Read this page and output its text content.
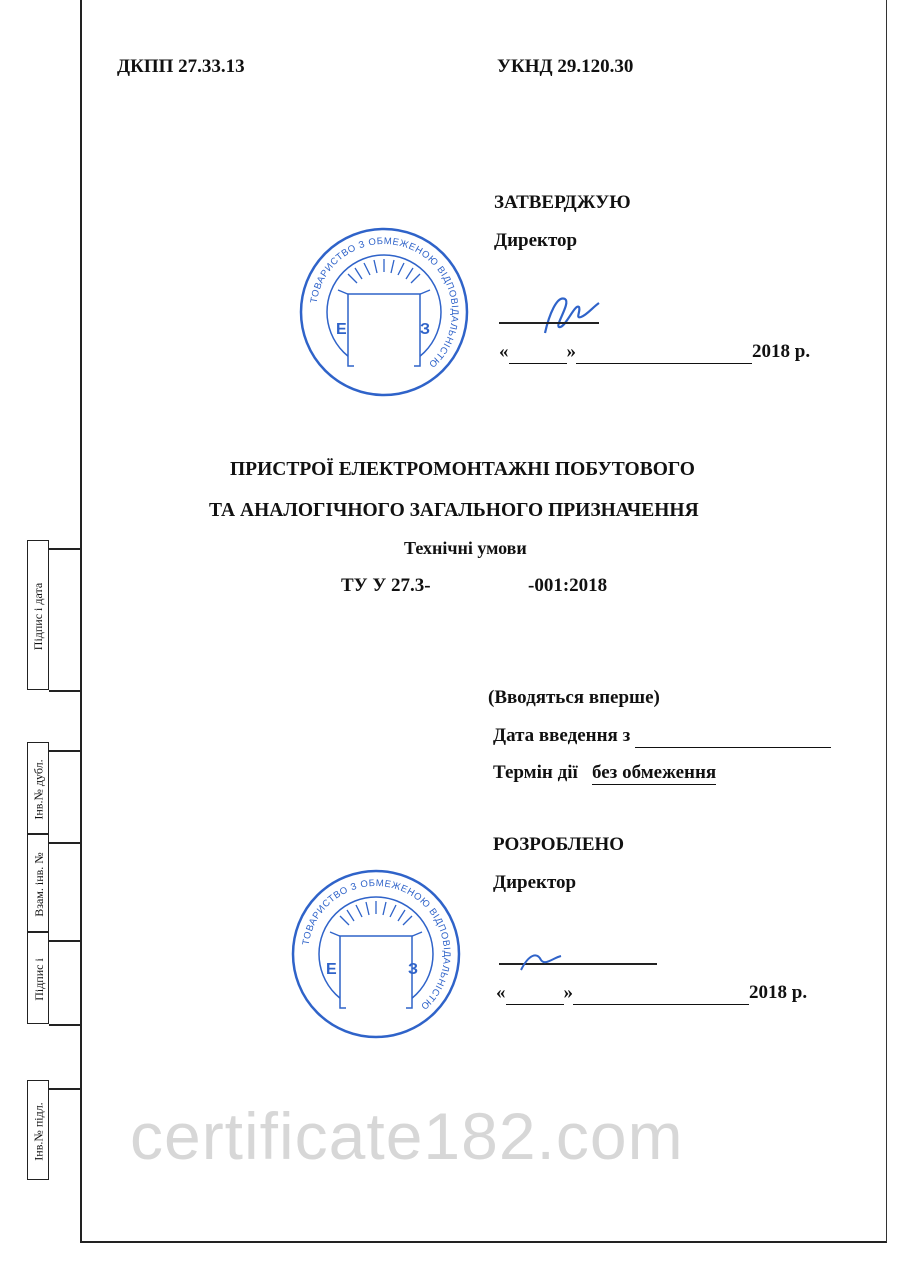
Підпис і дата
Інв.№ дубл.
Взам. інв. №
Підпис і
Інв.№ підл.
ДКПП 27.33.13	УКНД 29.120.30
ЗАТВЕРДЖУЮ
Директор
«	»	2018 р.
ТОВАРИСТВО З ОБМЕЖЕНОЮ ВІДПОВІДАЛЬНІСТЮ
Е	З
ПРИСТРОЇ ЕЛЕКТРОМОНТАЖНІ ПОБУТОВОГО
ТА АНАЛОГІЧНОГО ЗАГАЛЬНОГО ПРИЗНАЧЕННЯ
Технічні умови
ТУ У 27.3-	-001:2018
(Вводяться вперше)
Дата введення з
Термін дії без обмеження
РОЗРОБЛЕНО
Директор
«	»	2018 р.
ТОВАРИСТВО З ОБМЕЖЕНОЮ ВІДПОВІДАЛЬНІСТЮ
Е	З
certificate182.com
